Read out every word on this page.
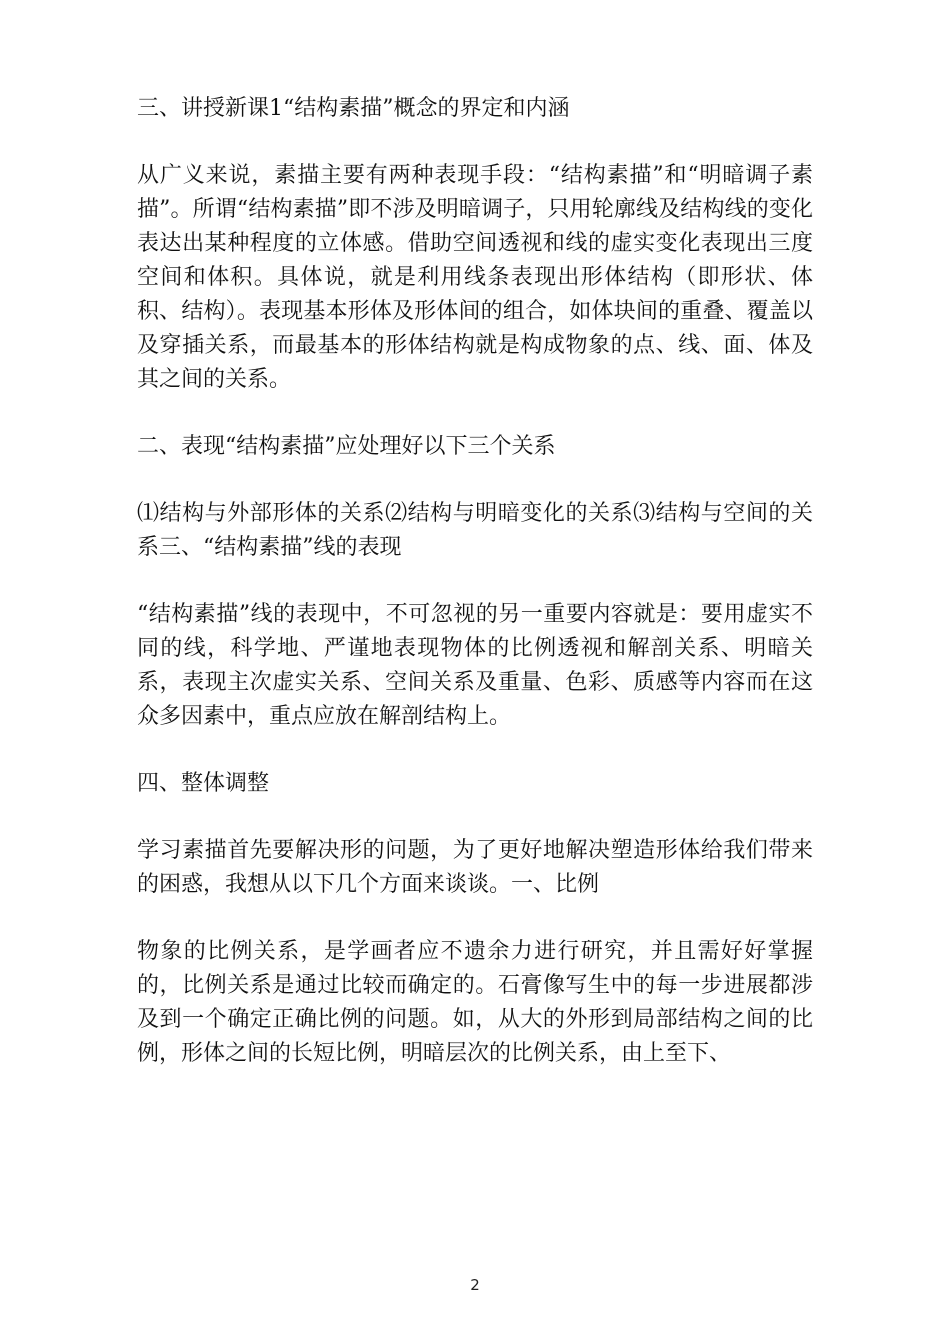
三、讲授新课1“结构素描”概念的界定和内涵

从广义来说，素描主要有两种表现手段：“结构素描”和“明暗调子素描”。所谓“结构素描”即不涉及明暗调子，只用轮廓线及结构线的变化表达出某种程度的立体感。借助空间透视和线的虚实变化表现出三度空间和体积。具体说，就是利用线条表现出形体结构（即形状、体积、结构）。表现基本形体及形体间的组合，如体块间的重叠、覆盖以及穿插关系，而最基本的形体结构就是构成物象的点、线、面、体及其之间的关系。

二、表现“结构素描”应处理好以下三个关系

⑴结构与外部形体的关系⑵结构与明暗变化的关系⑶结构与空间的关系三、“结构素描”线的表现

“结构素描”线的表现中，不可忽视的另一重要内容就是：要用虚实不同的线，科学地、严谨地表现物体的比例透视和解剖关系、明暗关系，表现主次虚实关系、空间关系及重量、色彩、质感等内容而在这众多因素中，重点应放在解剖结构上。

四、整体调整

学习素描首先要解决形的问题，为了更好地解决塑造形体给我们带来的困惑，我想从以下几个方面来谈谈。一、比例

物象的比例关系，是学画者应不遗余力进行研究，并且需好好掌握的，比例关系是通过比较而确定的。石膏像写生中的每一步进展都涉及到一个确定正确比例的问题。如，从大的外形到局部结构之间的比例，形体之间的长短比例，明暗层次的比例关系，由上至下、

2
